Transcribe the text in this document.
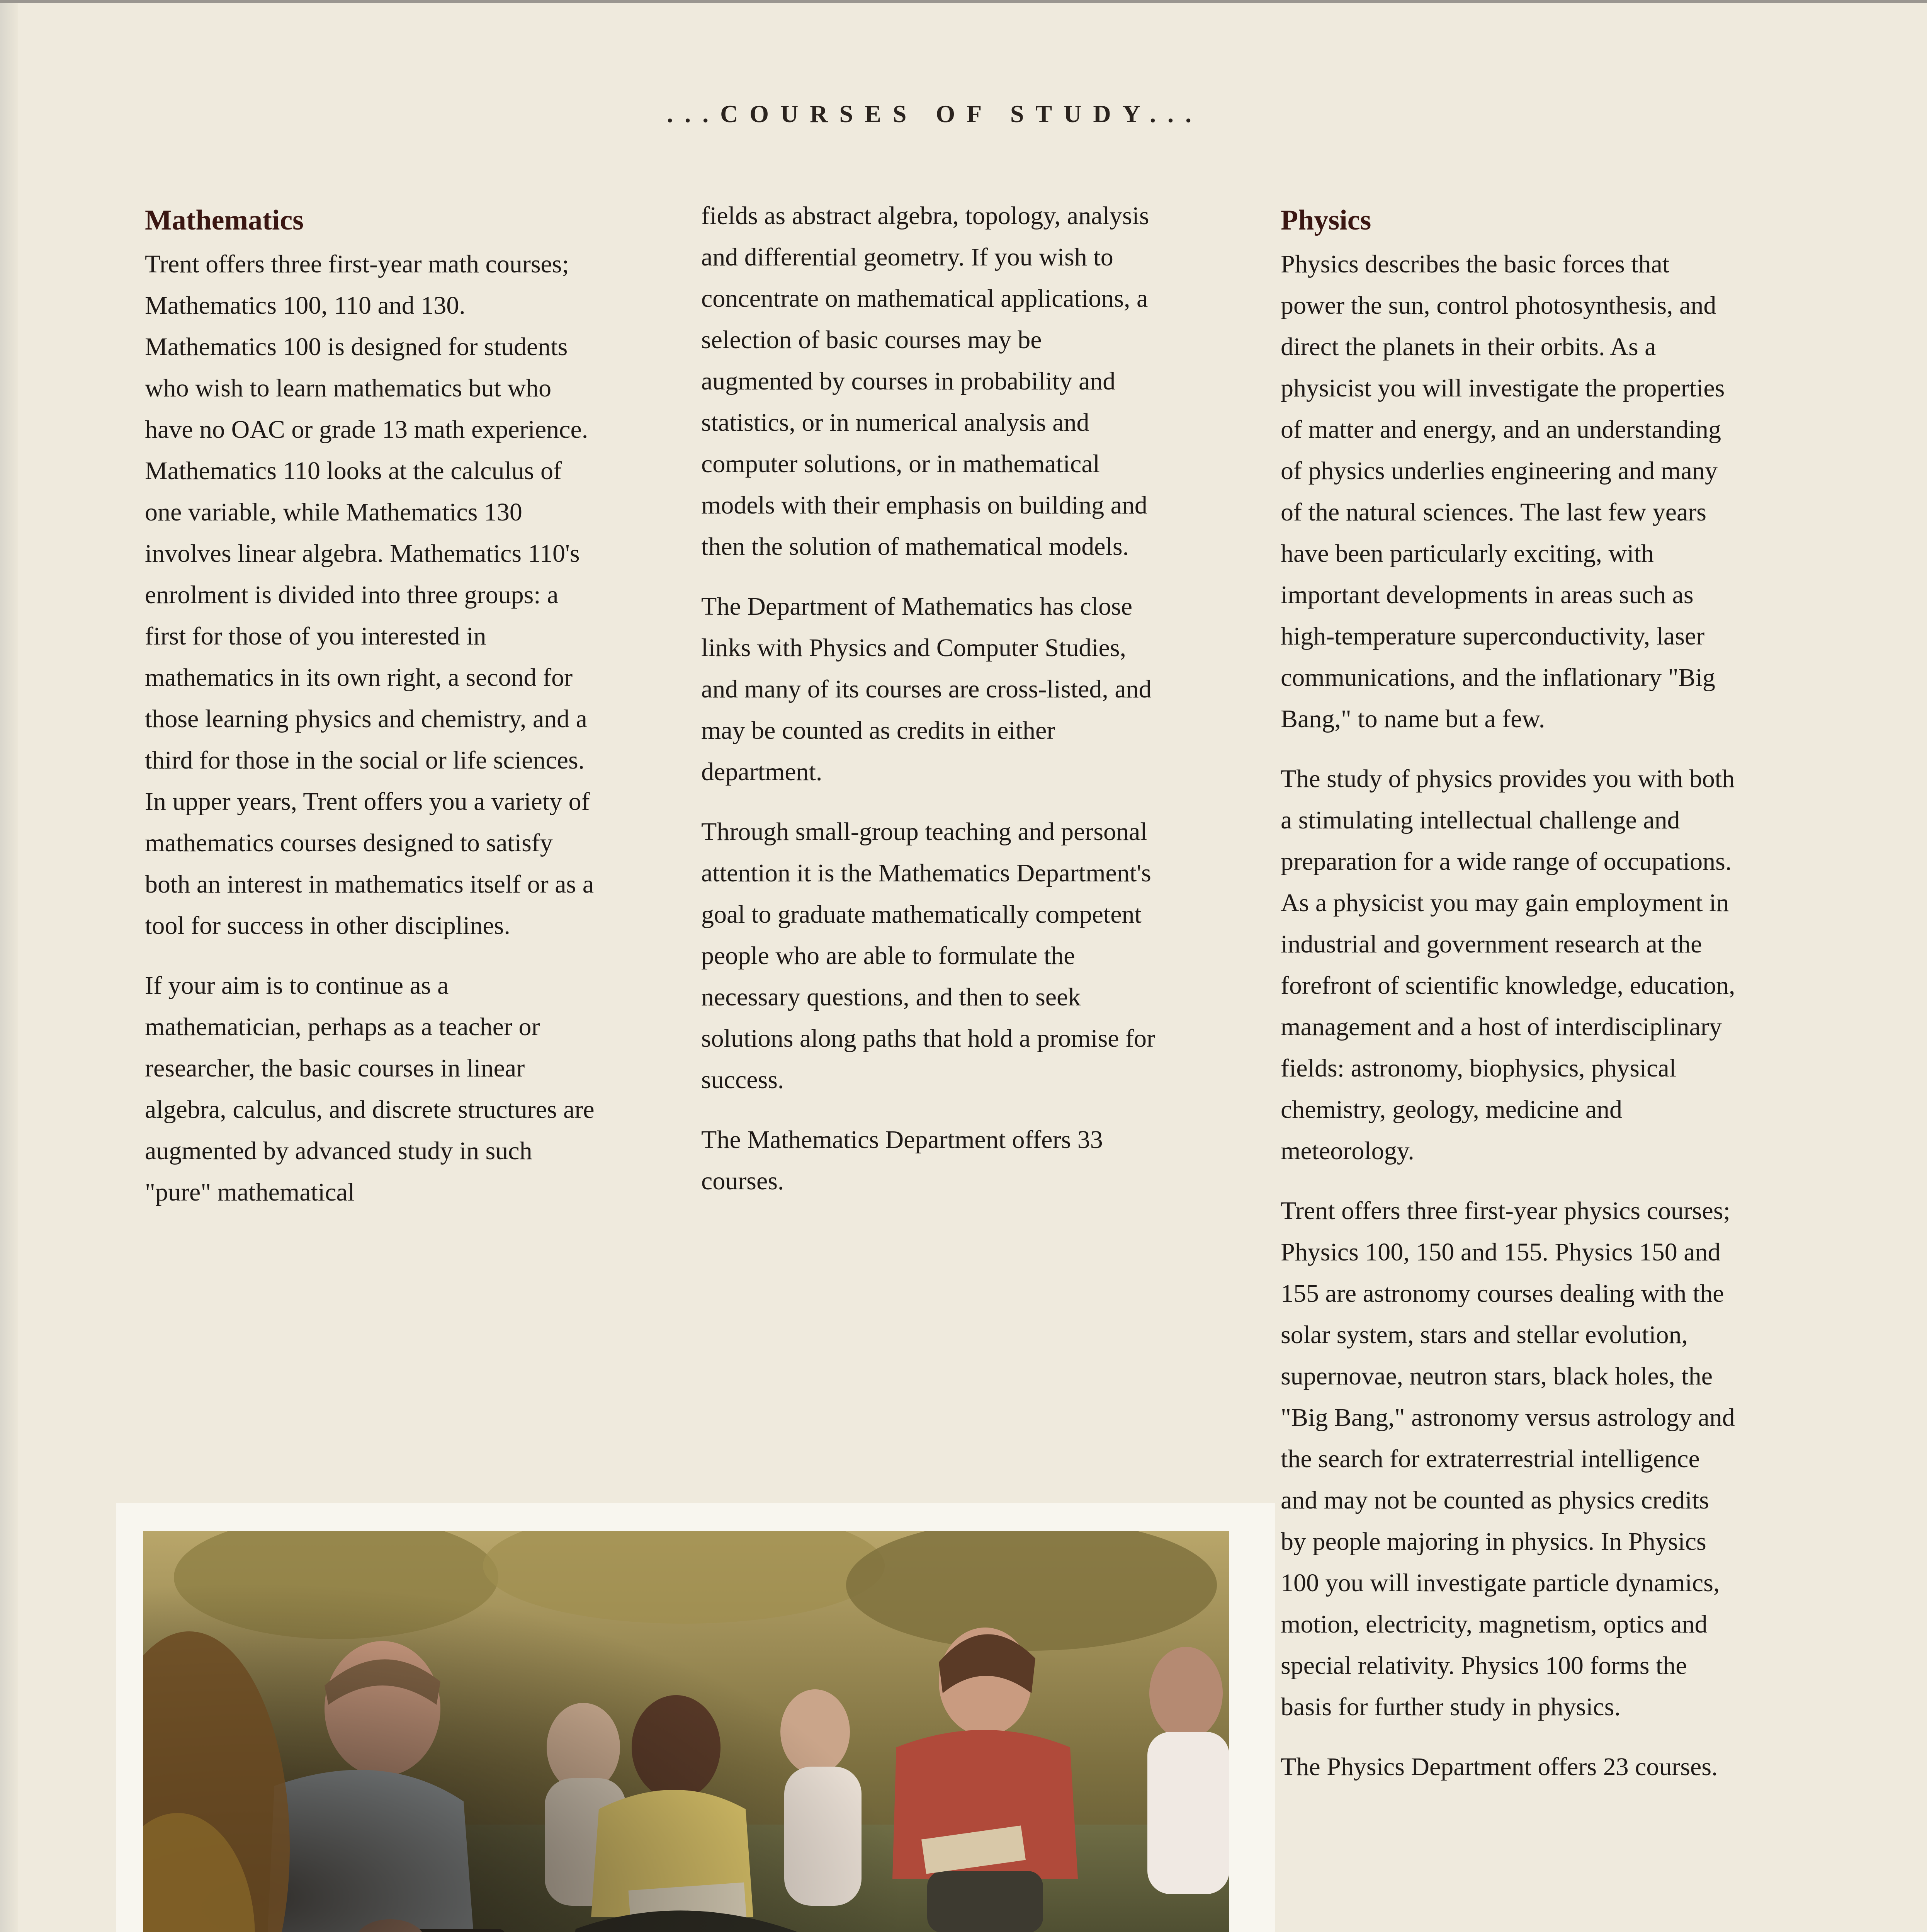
...COURSES OF STUDY...
Mathematics

Trent offers three first-year math courses; Mathematics 100, 110 and 130. Mathematics 100 is designed for students who wish to learn mathematics but who have no OAC or grade 13 math experience. Mathematics 110 looks at the calculus of one variable, while Mathematics 130 involves linear algebra. Mathematics 110's enrolment is divided into three groups: a first for those of you interested in mathematics in its own right, a second for those learning physics and chemistry, and a third for those in the social or life sciences. In upper years, Trent offers you a variety of mathematics courses designed to satisfy both an interest in mathematics itself or as a tool for success in other disciplines.

If your aim is to continue as a mathematician, perhaps as a teacher or researcher, the basic courses in linear algebra, calculus, and discrete structures are augmented by advanced study in such "pure" mathematical

fields as abstract algebra, topology, analysis and differential geometry. If you wish to concentrate on mathematical applications, a selection of basic courses may be augmented by courses in probability and statistics, or in numerical analysis and computer solutions, or in mathematical models with their emphasis on building and then the solution of mathematical models.

The Department of Mathematics has close links with Physics and Computer Studies, and many of its courses are cross-listed, and may be counted as credits in either department.

Through small-group teaching and personal attention it is the Mathematics Department's goal to graduate mathematically competent people who are able to formulate the necessary questions, and then to seek solutions along paths that hold a promise for success.

The Mathematics Department offers 33 courses.

Physics

Physics describes the basic forces that power the sun, control photosynthesis, and direct the planets in their orbits. As a physicist you will investigate the properties of matter and energy, and an understanding of physics underlies engineering and many of the natural sciences. The last few years have been particularly exciting, with important developments in areas such as high-temperature superconductivity, laser communications, and the inflationary "Big Bang," to name but a few.

The study of physics provides you with both a stimulating intellectual challenge and preparation for a wide range of occupations. As a physicist you may gain employment in industrial and government research at the forefront of scientific knowledge, education, management and a host of interdisciplinary fields: astronomy, biophysics, physical chemistry, geology, medicine and meteorology.

Trent offers three first-year physics courses; Physics 100, 150 and 155. Physics 150 and 155 are astronomy courses dealing with the solar system, stars and stellar evolution, supernovae, neutron stars, black holes, the "Big Bang," astronomy versus astrology and the search for extraterrestrial intelligence and may not be counted as physics credits by people majoring in physics. In Physics 100 you will investigate particle dynamics, motion, electricity, magnetism, optics and special relativity. Physics 100 forms the basis for further study in physics.

The Physics Department offers 23 courses.
